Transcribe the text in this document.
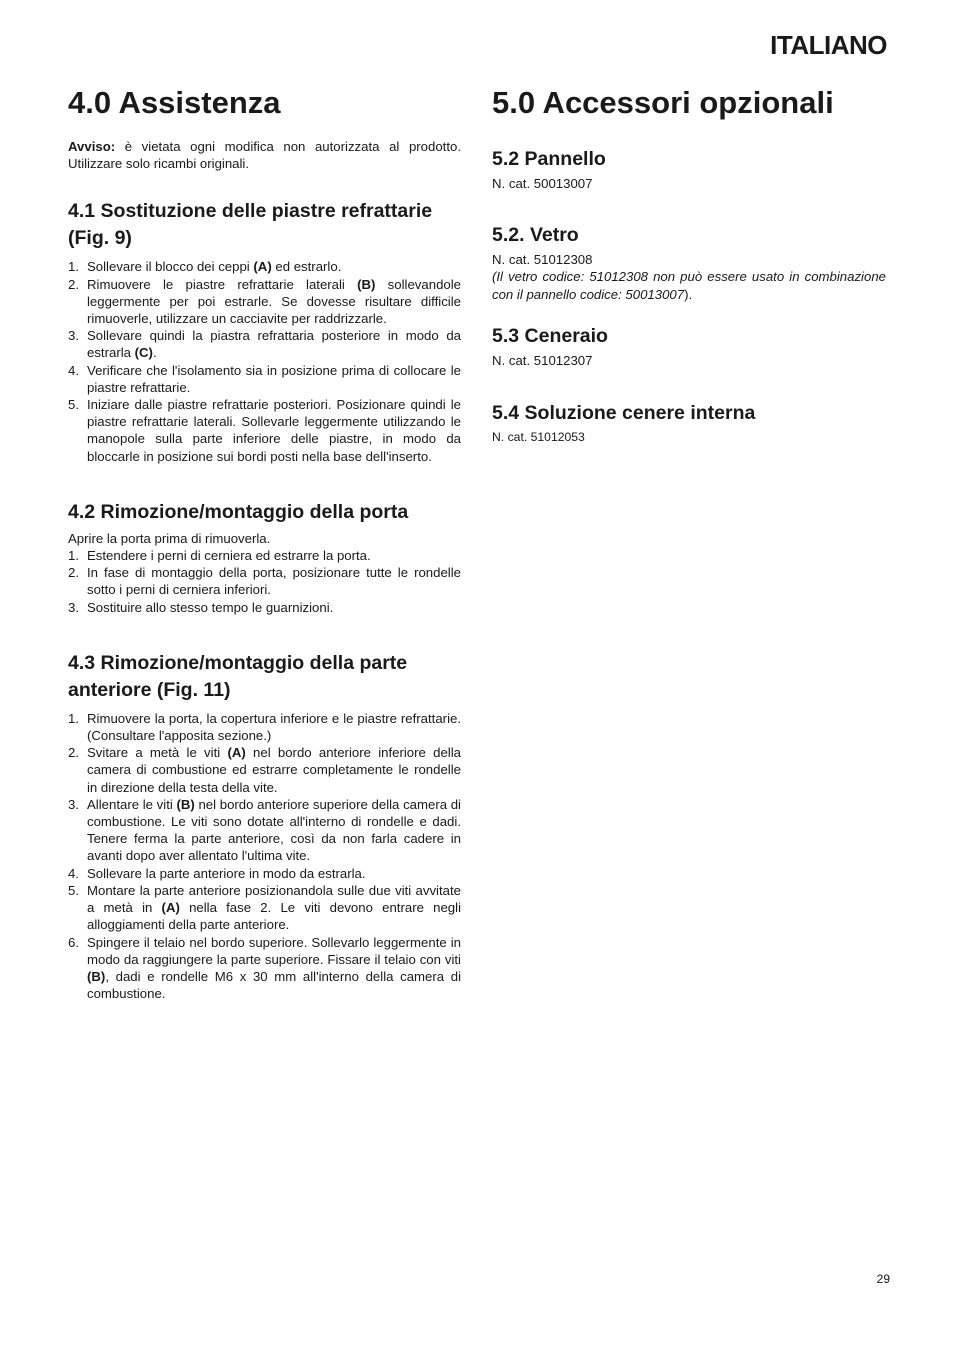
ITALIANO
4.0 Assistenza

Avviso: è vietata ogni modifica non autorizzata al prodotto. Utilizzare solo ricambi originali.

4.1 Sostituzione delle piastre refrattarie (Fig. 9)
1. Sollevare il blocco dei ceppi (A) ed estrarlo.
2. Rimuovere le piastre refrattarie laterali (B) sollevandole leggermente per poi estrarle. Se dovesse risultare difficile rimuoverle, utilizzare un cacciavite per raddrizzarle.
3. Sollevare quindi la piastra refrattaria posteriore in modo da estrarla (C).
4. Verificare che l'isolamento sia in posizione prima di collocare le piastre refrattarie.
5. Iniziare dalle piastre refrattarie posteriori. Posizionare quindi le piastre refrattarie laterali. Sollevarle leggermente utilizzando le manopole sulla parte inferiore delle piastre, in modo da bloccarle in posizione sui bordi posti nella base dell'inserto.
4.2 Rimozione/montaggio della porta

Aprire la porta prima di rimuoverla.

1. Estendere i perni di cerniera ed estrarre la porta.
2. In fase di montaggio della porta, posizionare tutte le rondelle sotto i perni di cerniera inferiori.
3. Sostituire allo stesso tempo le guarnizioni.
4.3 Rimozione/montaggio della parte anteriore (Fig. 11)
1. Rimuovere la porta, la copertura inferiore e le piastre refrattarie. (Consultare l'apposita sezione.)
2. Svitare a metà le viti (A) nel bordo anteriore inferiore della camera di combustione ed estrarre completamente le rondelle in direzione della testa della vite.
3. Allentare le viti (B) nel bordo anteriore superiore della camera di combustione. Le viti sono dotate all'interno di rondelle e dadi. Tenere ferma la parte anteriore, così da non farla cadere in avanti dopo aver allentato l'ultima vite.
4. Sollevare la parte anteriore in modo da estrarla.
5. Montare la parte anteriore posizionandola sulle due viti avvitate a metà in (A) nella fase 2. Le viti devono entrare negli alloggiamenti della parte anteriore.
6. Spingere il telaio nel bordo superiore. Sollevarlo leggermente in modo da raggiungere la parte superiore. Fissare il telaio con viti (B), dadi e rondelle M6 x 30 mm all'interno della camera di combustione.
5.0 Accessori opzionali
5.2 Pannello

N. cat. 50013007

5.2. Vetro

N. cat. 51012308

(Il vetro codice: 51012308 non può essere usato in combinazione con il pannello codice: 50013007).

5.3 Ceneraio

N. cat. 51012307

5.4 Soluzione cenere interna

N. cat. 51012053

29
